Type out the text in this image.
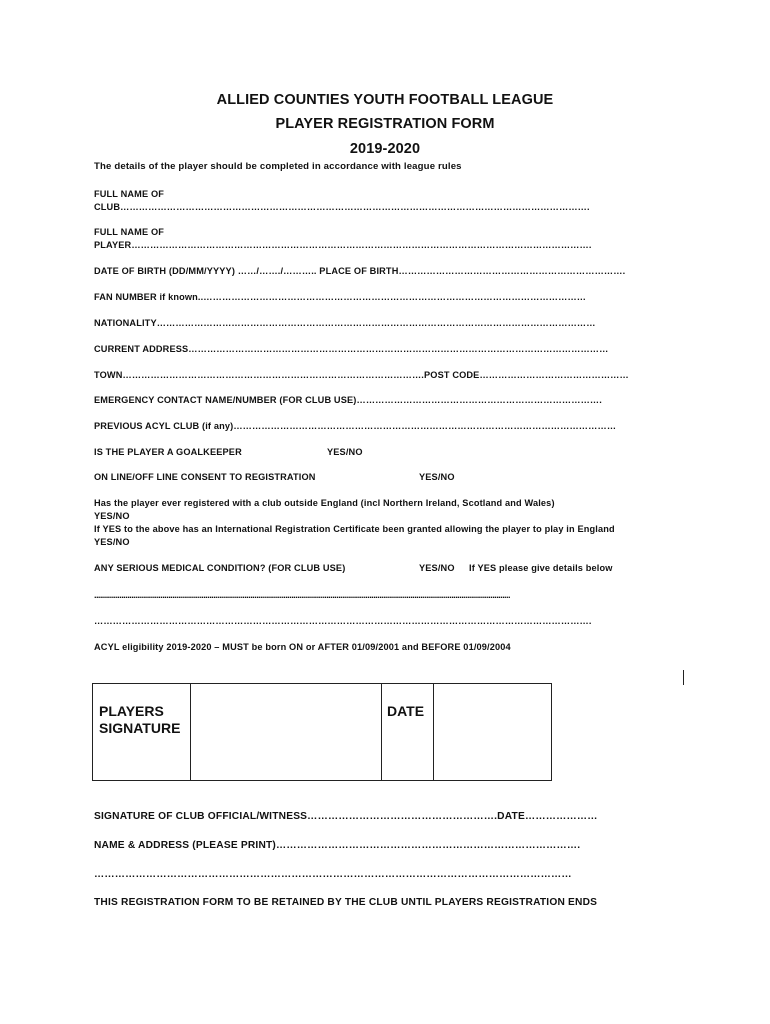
ALLIED COUNTIES YOUTH FOOTBALL LEAGUE
PLAYER REGISTRATION FORM
2019-2020
The details of the player should be completed in accordance with league rules
FULL NAME OF
CLUB…………………………………………………………………………………………………………………………………….
FULL NAME OF
PLAYER………………………………………………………………………………………………………………………………….
DATE OF BIRTH (DD/MM/YYYY) ……/……./……….. PLACE OF BIRTH……………………………………………………………….
FAN NUMBER if known..……………………………………………………………………………………………………………
NATIONALITY……………………………………………………………………………………………………………………………
CURRENT ADDRESS………………………………………………………………………………………………………………………
TOWN…………………………………………………………………………………….POST CODE…………………………………………
EMERGENCY CONTACT NAME/NUMBER (FOR CLUB USE)…………………………………………………………………….
PREVIOUS ACYL CLUB (if any)……………………………………………………………………………………………………………
IS THE PLAYER A GOALKEEPER	YES/NO
ON LINE/OFF LINE CONSENT TO REGISTRATION	YES/NO
Has the player ever registered with a club outside England (incl Northern Ireland, Scotland and Wales)
YES/NO
If YES to the above has an International Registration Certificate been granted allowing the player to play in England
YES/NO
ANY SERIOUS MEDICAL CONDITION? (FOR CLUB USE)	YES/NO If YES please give details below
.....................................................................................................................................................................................................................
…………………………………………………………………………………………………………………………………………….
ACYL eligibility 2019-2020 – MUST be born ON or AFTER 01/09/2001 and BEFORE 01/09/2004
PLAYERS
SIGNATURE

DATE

SIGNATURE OF CLUB OFFICIAL/WITNESS……………………………………………….DATE…………………
NAME & ADDRESS (PLEASE PRINT)…………………………………………………………………………….
…………………………………………………………………………………………………………………………
THIS REGISTRATION FORM TO BE RETAINED BY THE CLUB UNTIL PLAYERS REGISTRATION ENDS
